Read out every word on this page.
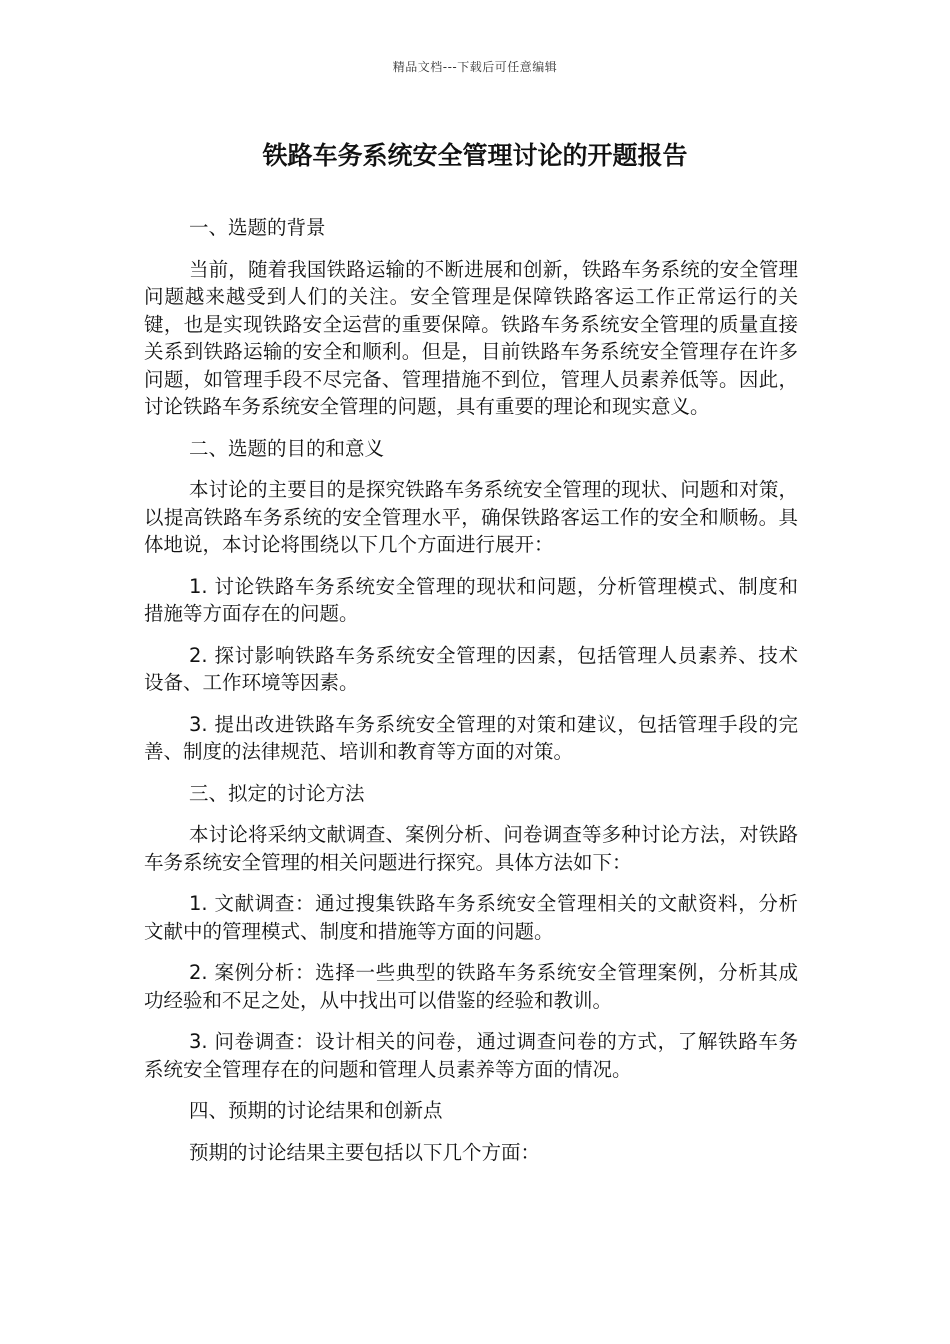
精品文档---下载后可任意编辑
铁路车务系统安全管理讨论的开题报告

一、选题的背景

当前，随着我国铁路运输的不断进展和创新，铁路车务系统的安全管理问题越来越受到人们的关注。安全管理是保障铁路客运工作正常运行的关键，也是实现铁路安全运营的重要保障。铁路车务系统安全管理的质量直接关系到铁路运输的安全和顺利。但是，目前铁路车务系统安全管理存在许多问题，如管理手段不尽完备、管理措施不到位，管理人员素养低等。因此，讨论铁路车务系统安全管理的问题，具有重要的理论和现实意义。

二、选题的目的和意义

本讨论的主要目的是探究铁路车务系统安全管理的现状、问题和对策，以提高铁路车务系统的安全管理水平，确保铁路客运工作的安全和顺畅。具体地说，本讨论将围绕以下几个方面进行展开：

1. 讨论铁路车务系统安全管理的现状和问题，分析管理模式、制度和措施等方面存在的问题。

2. 探讨影响铁路车务系统安全管理的因素，包括管理人员素养、技术设备、工作环境等因素。

3. 提出改进铁路车务系统安全管理的对策和建议，包括管理手段的完善、制度的法律规范、培训和教育等方面的对策。

三、拟定的讨论方法

本讨论将采纳文献调查、案例分析、问卷调查等多种讨论方法，对铁路车务系统安全管理的相关问题进行探究。具体方法如下：

1. 文献调查：通过搜集铁路车务系统安全管理相关的文献资料，分析文献中的管理模式、制度和措施等方面的问题。

2. 案例分析：选择一些典型的铁路车务系统安全管理案例，分析其成功经验和不足之处，从中找出可以借鉴的经验和教训。

3. 问卷调查：设计相关的问卷，通过调查问卷的方式，了解铁路车务系统安全管理存在的问题和管理人员素养等方面的情况。

四、预期的讨论结果和创新点

预期的讨论结果主要包括以下几个方面：
